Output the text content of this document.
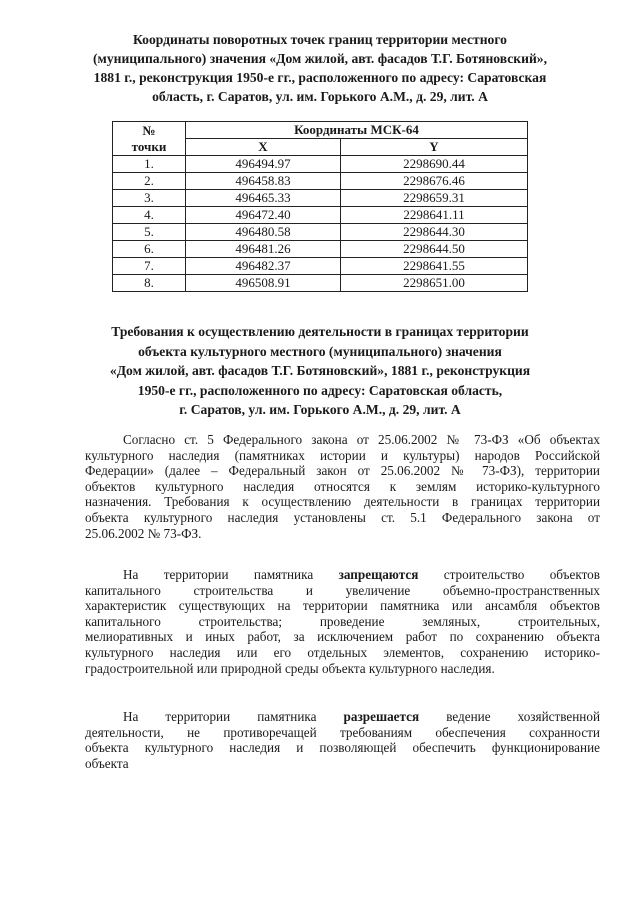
Координаты поворотных точек границ территории местного
(муниципального) значения «Дом жилой, авт. фасадов Т.Г. Ботяновский»,
1881 г., реконструкция 1950-е гг., расположенного по адресу: Саратовская
область, г. Саратов, ул. им. Горького А.М., д. 29, лит. А
№
точки	Координаты МСК-64	
	X	Y
1.	496494.97	2298690.44
2.	496458.83	2298676.46
3.	496465.33	2298659.31
4.	496472.40	2298641.11
5.	496480.58	2298644.30
6.	496481.26	2298644.50
7.	496482.37	2298641.55
8.	496508.91	2298651.00
Требования к осуществлению деятельности в границах территории
объекта культурного местного (муниципального) значения
«Дом жилой, авт. фасадов Т.Г. Ботяновский», 1881 г., реконструкция
1950-е гг., расположенного по адресу: Саратовская область,
г. Саратов, ул. им. Горького А.М., д. 29, лит. А
Согласно ст. 5 Федерального закона от 25.06.2002 № 73-ФЗ «Об объектах
культурного наследия (памятниках истории и культуры) народов Российской
Федерации» (далее – Федеральный закон от 25.06.2002 № 73-ФЗ), территории
объектов культурного наследия относятся к землям историко-культурного
назначения. Требования к осуществлению деятельности в границах территории
объекта культурного наследия установлены ст. 5.1 Федерального закона от
25.06.2002 № 73-ФЗ.
На территории памятника запрещаются строительство объектов
капитального строительства и увеличение объемно-пространственных
характеристик существующих на территории памятника или ансамбля объектов
капитального строительства; проведение земляных, строительных,
мелиоративных и иных работ, за исключением работ по сохранению объекта
культурного наследия или его отдельных элементов, сохранению историко-
градостроительной или природной среды объекта культурного наследия.
На территории памятника разрешается ведение хозяйственной
деятельности, не противоречащей требованиям обеспечения сохранности
объекта культурного наследия и позволяющей обеспечить функционирование
объекта
